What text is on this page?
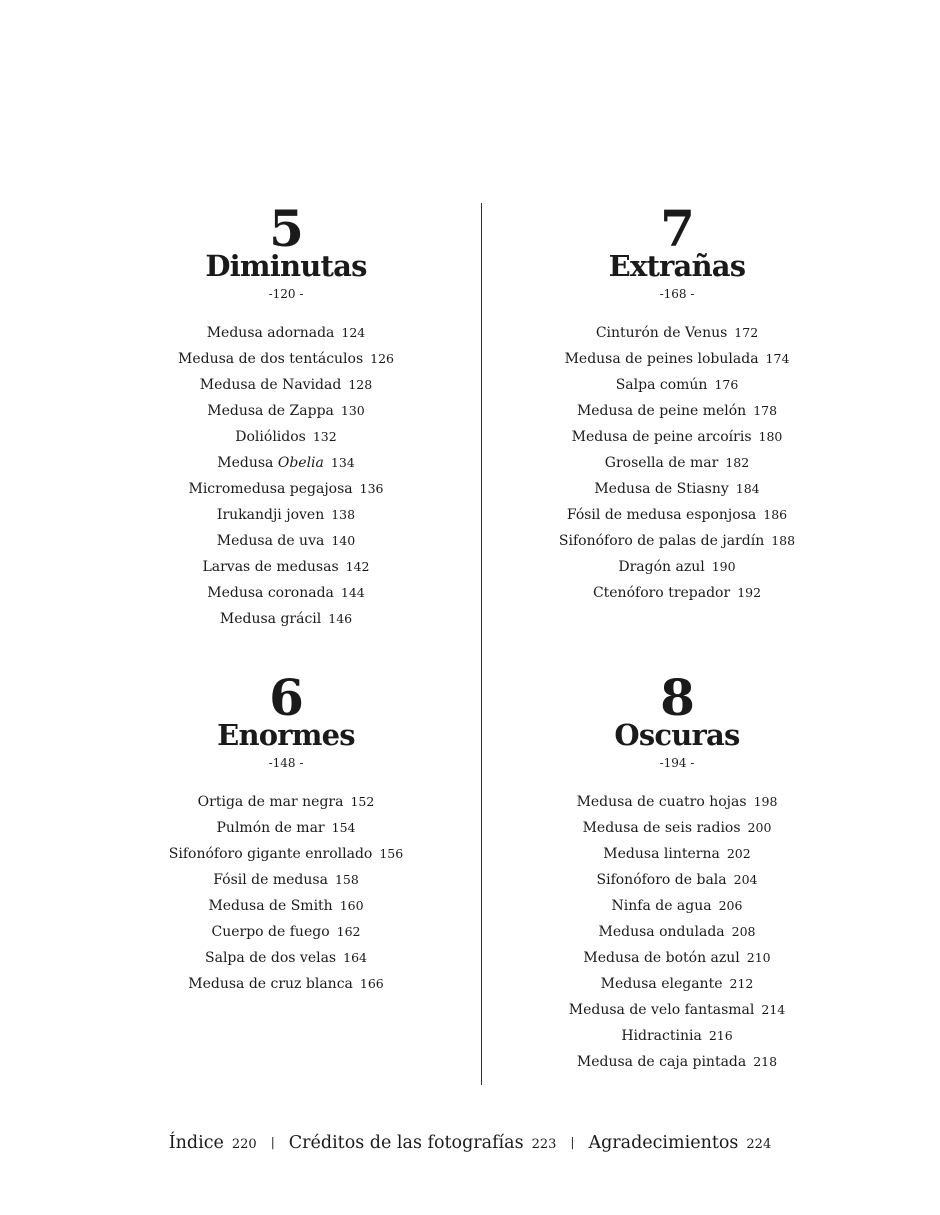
5
Diminutas
-120 -
Medusa adornada 124
Medusa de dos tentáculos 126
Medusa de Navidad 128
Medusa de Zappa 130
Doliólidos 132
Medusa Obelia 134
Micromedusa pegajosa 136
Irukandji joven 138
Medusa de uva 140
Larvas de medusas 142
Medusa coronada 144
Medusa grácil 146
6
Enormes
-148 -
Ortiga de mar negra 152
Pulmón de mar 154
Sifonóforo gigante enrollado 156
Fósil de medusa 158
Medusa de Smith 160
Cuerpo de fuego 162
Salpa de dos velas 164
Medusa de cruz blanca 166
7
Extrañas
-168 -
Cinturón de Venus 172
Medusa de peines lobulada 174
Salpa común 176
Medusa de peine melón 178
Medusa de peine arcoíris 180
Grosella de mar 182
Medusa de Stiasny 184
Fósil de medusa esponjosa 186
Sifonóforo de palas de jardín 188
Dragón azul 190
Ctenóforo trepador 192
8
Oscuras
-194 -
Medusa de cuatro hojas 198
Medusa de seis radios 200
Medusa linterna 202
Sifonóforo de bala 204
Ninfa de agua 206
Medusa ondulada 208
Medusa de botón azul 210
Medusa elegante 212
Medusa de velo fantasmal 214
Hidractinia 216
Medusa de caja pintada 218
Índice 220 | Créditos de las fotografías 223 | Agradecimientos 224
